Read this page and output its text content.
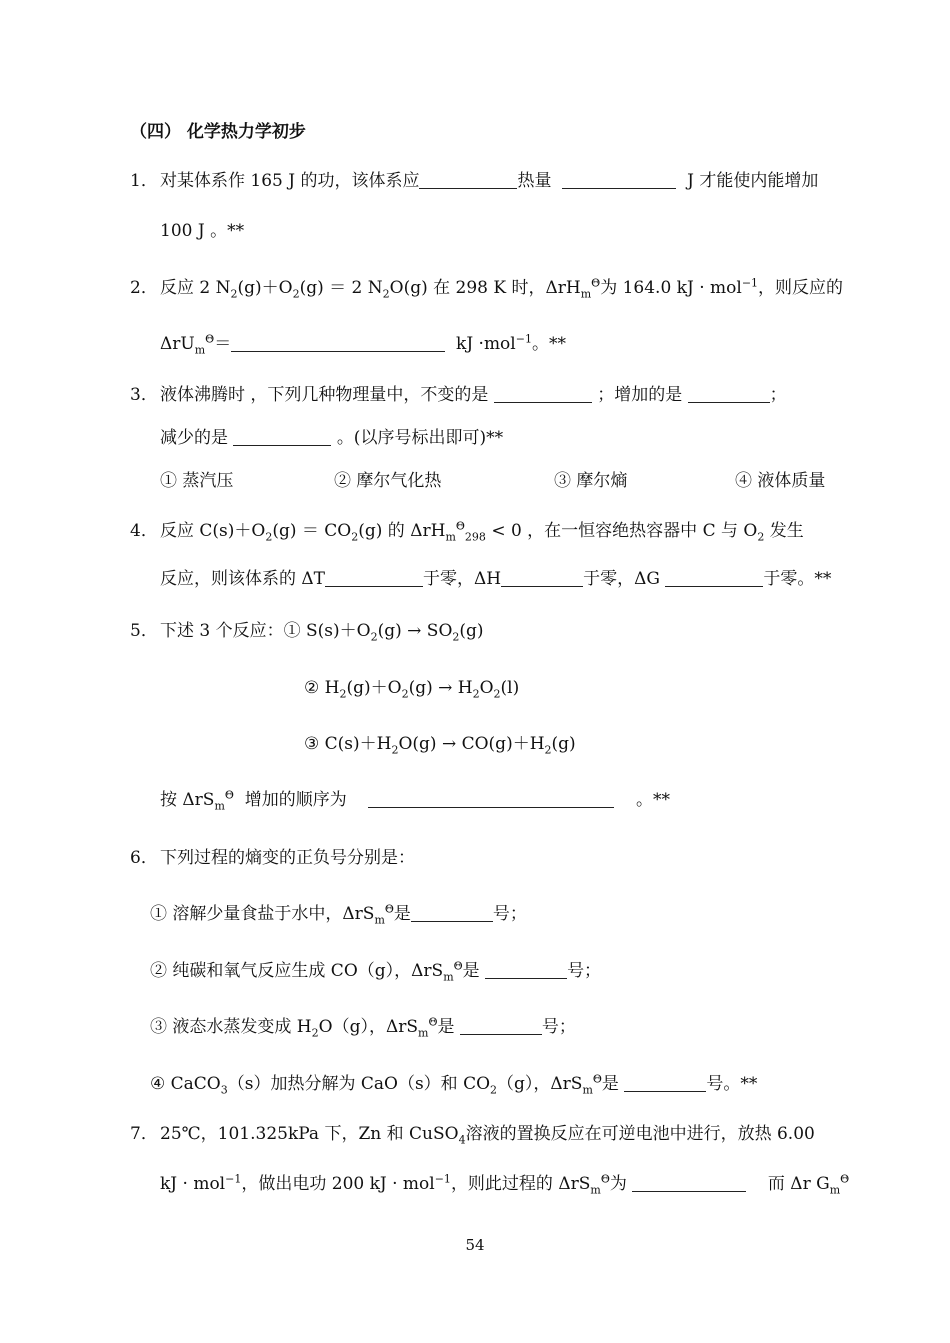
（四） 化学热力学初步
1． 对某体系作 165 J 的功，该体系应	热量	J 才能使内能增加
100 J 。**
2． 反应 2 $N_2(g)+O_2(g) = 2$ $N_2O(g)$ 在 298 K 时，ΔrH$_m^\Theta$为 164.0 kJ · mol$^{-1}$，则反应的
ΔrU$_m^\Theta$＝	kJ ·mol$^{-1}$。**
3． 液体沸腾时 ，下列几种物理量中，不变的是	；增加的是	；
减少的是	。(以序号标出即可)**
① 蒸汽压	② 摩尔气化热	③ 摩尔熵	④ 液体质量
4． 反应 $C(s)+O_2(g) = CO_2(g)$ 的 ΔrH$_m^\Theta_{298}$ < 0 ，在一恒容绝热容器中 C 与 $O_2$ 发生
反应，则该体系的 ΔT	于零，ΔH	于零，ΔG	于零。**
5． 下述 3 个反应：① $S(s)+O_2(g) \to SO_2(g)$
② $H_2(g)+O_2(g) \to H_2O_2(l)$
③ $C(s)+H_2O(g) \to CO(g)+H_2(g)$
按 ΔrS$_m^\Theta$ 增加的顺序为	。**
6． 下列过程的熵变的正负号分别是：
① 溶解少量食盐于水中，ΔrS$_m^\Theta$是	号；
② 纯碳和氧气反应生成 CO（g），ΔrS$_m^\Theta$是	号；
③ 液态水蒸发变成 $H_2O(g)$，ΔrS$_m^\Theta$是	号；
④ CaCO$_3$（s）加热分解为 CaO（s）和 $CO_2(g)$，ΔrS$_m^\Theta$是	号。**
7． 25℃，101.325kPa 下，Zn 和 CuSO$_4$溶液的置换反应在可逆电池中进行，放热 6.00
kJ · mol$^{-1}$，做出电功 200 kJ · mol$^{-1}$，则此过程的 ΔrS$_m^\Theta$为	而 Δr $G_m^\Theta$
54
